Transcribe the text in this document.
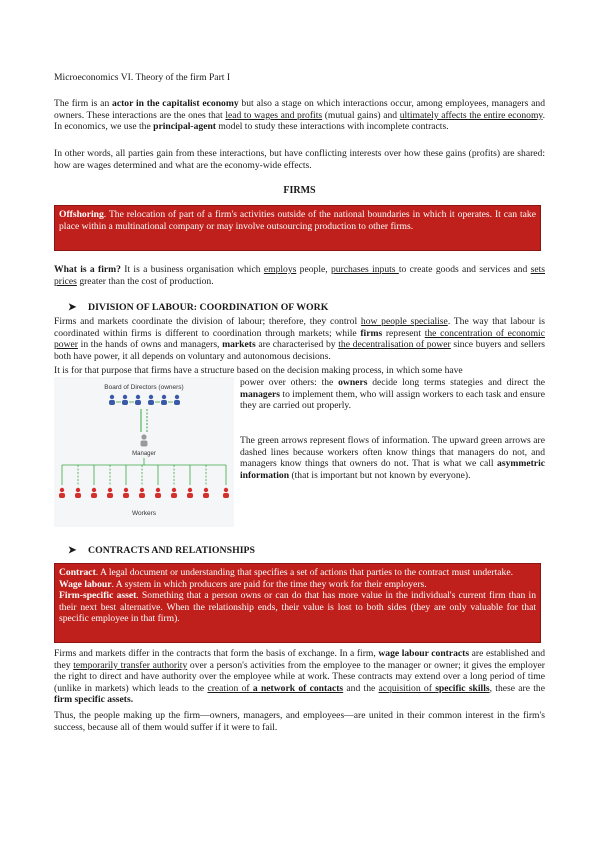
Microeconomics VI. Theory of the firm Part I
The firm is an actor in the capitalist economy but also a stage on which interactions occur, among employees, managers and owners. These interactions are the ones that lead to wages and profits (mutual gains) and ultimately affects the entire economy. In economics, we use the principal-agent model to study these interactions with incomplete contracts.
In other words, all parties gain from these interactions, but have conflicting interests over how these gains (profits) are shared: how are wages determined and what are the economy-wide effects.
FIRMS
Offshoring. The relocation of part of a firm's activities outside of the national boundaries in which it operates. It can take place within a multinational company or may involve outsourcing production to other firms.
What is a firm? It is a business organisation which employs people, purchases inputs to create goods and services and sets prices greater than the cost of production.
➤ DIVISION OF LABOUR: COORDINATION OF WORK
Firms and markets coordinate the division of labour; therefore, they control how people specialise. The way that labour is coordinated within firms is different to coordination through markets; while firms represent the concentration of economic power in the hands of owns and managers, markets are characterised by the decentralisation of power since buyers and sellers both have power, it all depends on voluntary and autonomous decisions.
It is for that purpose that firms have a structure based on the decision making process, in which some have
Board of Directors (owners)
Manager
Workers
power over others: the owners decide long terms stategies and direct the managers to implement them, who will assign workers to each task and ensure they are carried out properly.
The green arrows represent flows of information. The upward green arrows are dashed lines because workers often know things that managers do not, and managers know things that owners do not. That is what we call asymmetric information (that is important but not known by everyone).
➤ CONTRACTS AND RELATIONSHIPS
Contract. A legal document or understanding that specifies a set of actions that parties to the contract must undertake.
Wage labour. A system in which producers are paid for the time they work for their employers.
Firm-specific asset. Something that a person owns or can do that has more value in the individual's current firm than in their next best alternative. When the relationship ends, their value is lost to both sides (they are only valuable for that specific employee in that firm).
Firms and markets differ in the contracts that form the basis of exchange. In a firm, wage labour contracts are established and they temporarily transfer authority over a person's activities from the employee to the manager or owner; it gives the employer the right to direct and have authority over the employee while at work. These contracts may extend over a long period of time (unlike in markets) which leads to the creation of a network of contacts and the acquisition of specific skills, these are the firm specific assets.
Thus, the people making up the firm—owners, managers, and employees—are united in their common interest in the firm's success, because all of them would suffer if it were to fail.
